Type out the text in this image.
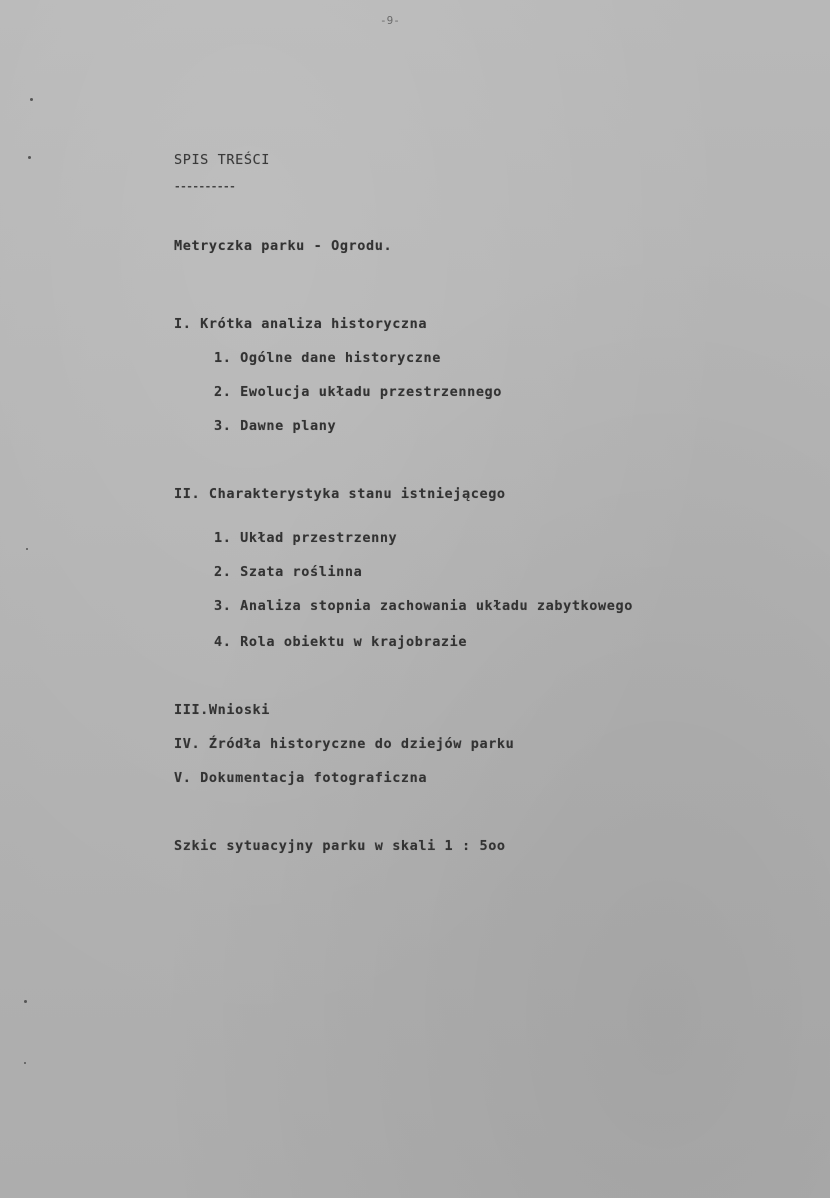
-9-
SPIS TREŚCI
----------
Metryczka parku - Ogrodu.
I. Krótka analiza historyczna
1. Ogólne dane historyczne
2. Ewolucja układu przestrzennego
3. Dawne plany
II. Charakterystyka stanu istniejącego
1. Układ przestrzenny
2. Szata roślinna
3. Analiza stopnia zachowania układu zabytkowego
4. Rola obiektu w krajobrazie
III.Wnioski
IV. Źródła historyczne do dziejów parku
V. Dokumentacja fotograficzna
Szkic sytuacyjny parku w skali 1 : 5oo
